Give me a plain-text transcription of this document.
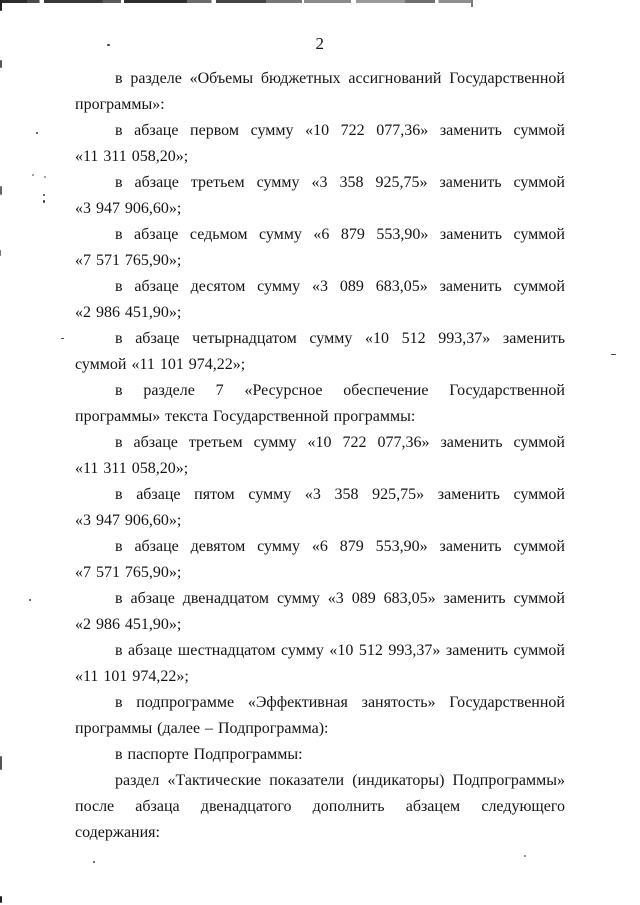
2

в разделе «Объемы бюджетных ассигнований Государственной программы»:

в абзаце первом сумму «10 722 077,36» заменить суммой «11 311 058,20»;

в абзаце третьем сумму «3 358 925,75» заменить суммой «3 947 906,60»;

в абзаце седьмом сумму «6 879 553,90» заменить суммой «7 571 765,90»;

в абзаце десятом сумму «3 089 683,05» заменить суммой «2 986 451,90»;

в абзаце четырнадцатом сумму «10 512 993,37» заменить суммой «11 101 974,22»;

в разделе 7 «Ресурсное обеспечение Государственной программы» текста Государственной программы:

в абзаце третьем сумму «10 722 077,36» заменить суммой «11 311 058,20»;

в абзаце пятом сумму «3 358 925,75» заменить суммой «3 947 906,60»;

в абзаце девятом сумму «6 879 553,90» заменить суммой «7 571 765,90»;

в абзаце двенадцатом сумму «3 089 683,05» заменить суммой «2 986 451,90»;

в абзаце шестнадцатом сумму «10 512 993,37» заменить суммой «11 101 974,22»;

в подпрограмме «Эффективная занятость» Государственной программы (далее – Подпрограмма):

в паспорте Подпрограммы:

раздел «Тактические показатели (индикаторы) Подпрограммы» после абзаца двенадцатого дополнить абзацем следующего содержания:
